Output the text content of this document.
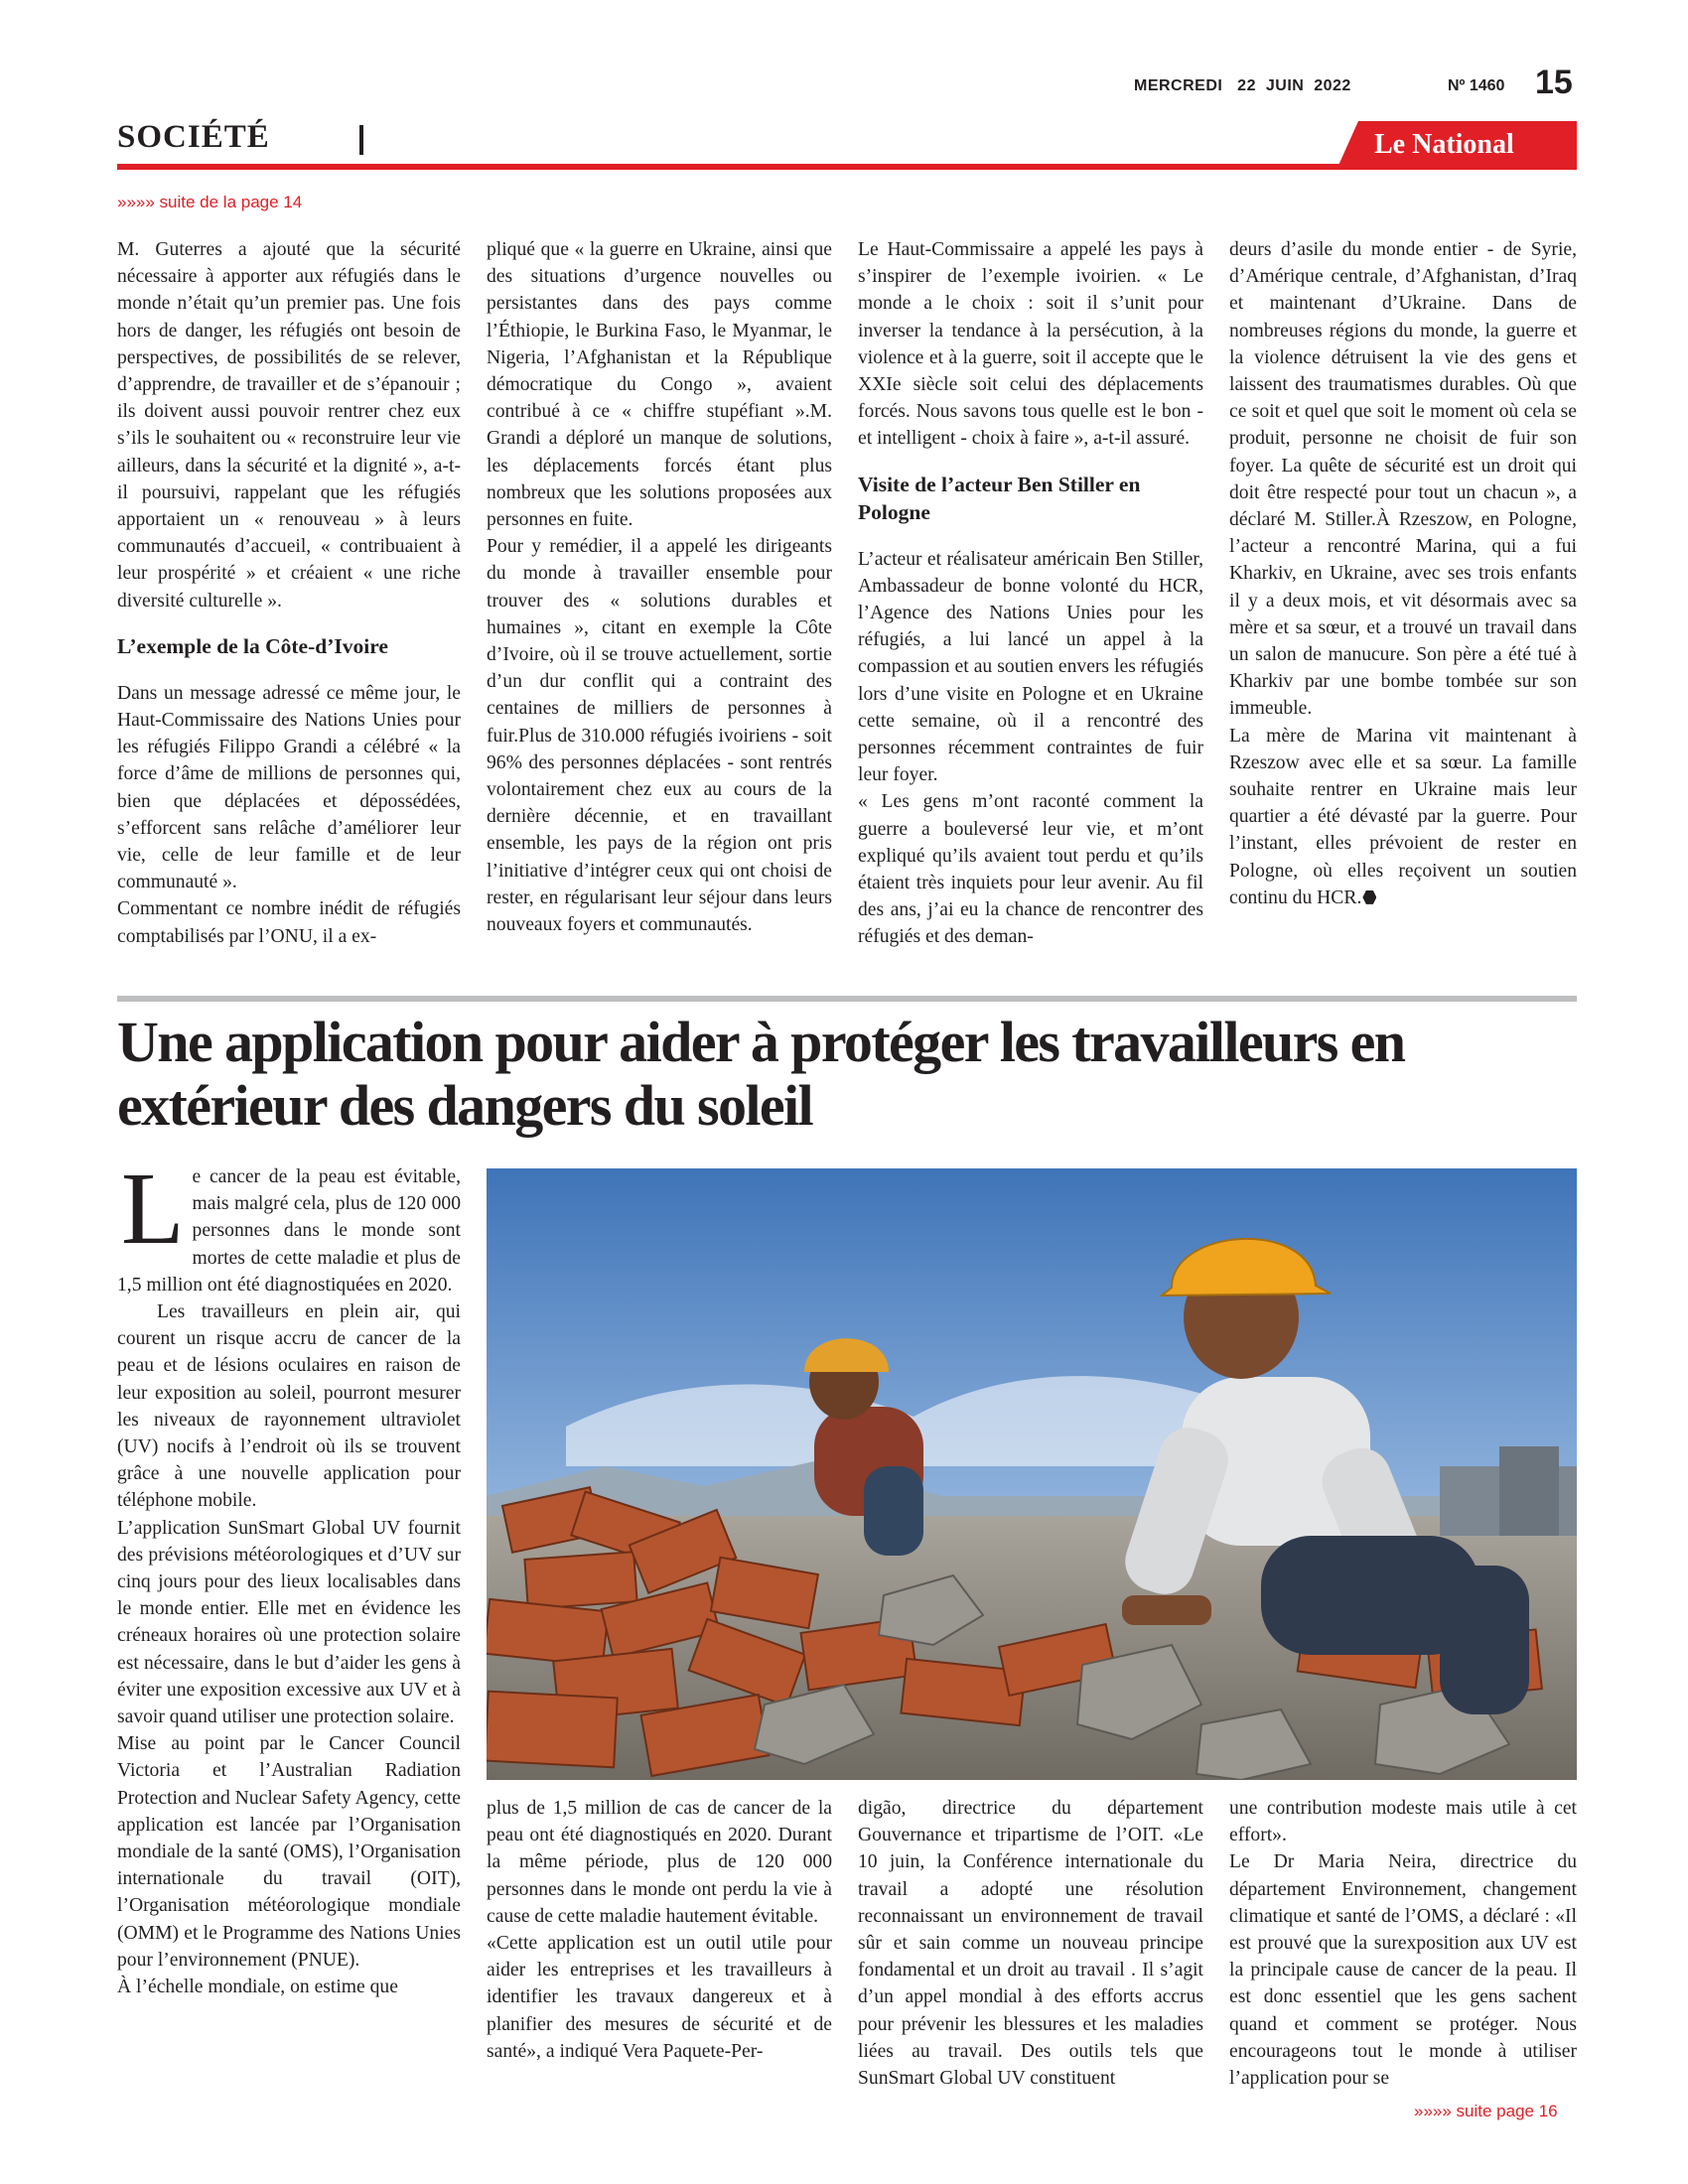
MERCREDI   22  JUIN  2022	Nº 1460 15
SOCIÉTÉ	Le National
»»»» suite de la page 14

M. Guterres a ajouté que la sécurité nécessaire à apporter aux réfugiés dans le monde n’était qu’un premier pas. Une fois hors de danger, les réfugiés ont besoin de perspectives, de possibilités de se relever, d’apprendre, de travailler et de s’épanouir ; ils doivent aussi pouvoir rentrer chez eux s’ils le souhaitent ou « reconstruire leur vie ailleurs, dans la sécurité et la dignité », a-t-il poursuivi, rappelant que les réfugiés apportaient un « renouveau » à leurs communautés d’accueil, « contribuaient à leur prospérité » et créaient « une riche diversité culturelle ».

L’exemple de la Côte-d’Ivoire

Dans un message adressé ce même jour, le Haut-Commissaire des Nations Unies pour les réfugiés Filippo Grandi a célébré « la force d’âme de millions de personnes qui, bien que déplacées et dépossédées, s’efforcent sans relâche d’améliorer leur vie, celle de leur famille et de leur communauté ».

Commentant ce nombre inédit de réfugiés comptabilisés par l’ONU, il a ex-

pliqué que « la guerre en Ukraine, ainsi que des situations d’urgence nouvelles ou persistantes dans des pays comme l’Éthiopie, le Burkina Faso, le Myanmar, le Nigeria, l’Afghanistan et la République démocratique du Congo », avaient contribué à ce « chiffre stupéfiant ».M. Grandi a déploré un manque de solutions, les déplacements forcés étant plus nombreux que les solutions proposées aux personnes en fuite.

Pour y remédier, il a appelé les dirigeants du monde à travailler ensemble pour trouver des « solutions durables et humaines », citant en exemple la Côte d’Ivoire, où il se trouve actuellement, sortie d’un dur conflit qui a contraint des centaines de milliers de personnes à fuir.Plus de 310.000 réfugiés ivoiriens - soit 96% des personnes déplacées - sont rentrés volontairement chez eux au cours de la dernière décennie, et en travaillant ensemble, les pays de la région ont pris l’initiative d’intégrer ceux qui ont choisi de rester, en régularisant leur séjour dans leurs nouveaux foyers et communautés.

Le Haut-Commissaire a appelé les pays à s’inspirer de l’exemple ivoirien. « Le monde a le choix : soit il s’unit pour inverser la tendance à la persécution, à la violence et à la guerre, soit il accepte que le XXIe siècle soit celui des déplacements forcés. Nous savons tous quelle est le bon - et intelligent - choix à faire », a-t-il assuré.

Visite de l’acteur Ben Stiller en Pologne

L’acteur et réalisateur américain Ben Stiller, Ambassadeur de bonne volonté du HCR, l’Agence des Nations Unies pour les réfugiés, a lui lancé un appel à la compassion et au soutien envers les réfugiés lors d’une visite en Pologne et en Ukraine cette semaine, où il a rencontré des personnes récemment contraintes de fuir leur foyer.

« Les gens m’ont raconté comment la guerre a bouleversé leur vie, et m’ont expliqué qu’ils avaient tout perdu et qu’ils étaient très inquiets pour leur avenir. Au fil des ans, j’ai eu la chance de rencontrer des réfugiés et des deman-

deurs d’asile du monde entier - de Syrie, d’Amérique centrale, d’Afghanistan, d’Iraq et maintenant d’Ukraine. Dans de nombreuses régions du monde, la guerre et la violence détruisent la vie des gens et laissent des traumatismes durables. Où que ce soit et quel que soit le moment où cela se produit, personne ne choisit de fuir son foyer. La quête de sécurité est un droit qui doit être respecté pour tout un chacun », a déclaré M. Stiller.À Rzeszow, en Pologne, l’acteur a rencontré Marina, qui a fui Kharkiv, en Ukraine, avec ses trois enfants il y a deux mois, et vit désormais avec sa mère et sa sœur, et a trouvé un travail dans un salon de manucure. Son père a été tué à Kharkiv par une bombe tombée sur son immeuble.

La mère de Marina vit maintenant à Rzeszow avec elle et sa sœur. La famille souhaite rentrer en Ukraine mais leur quartier a été dévasté par la guerre. Pour l’instant, elles prévoient de rester en Pologne, où elles reçoivent un soutien continu du HCR.

Une application pour aider à protéger les travailleurs en extérieur des dangers du soleil

Le cancer de la peau est évitable, mais malgré cela, plus de 120 000 personnes dans le monde sont mortes de cette maladie et plus de 1,5 million ont été diagnostiquées en 2020.

Les travailleurs en plein air, qui courent un risque accru de cancer de la peau et de lésions oculaires en raison de leur exposition au soleil, pourront mesurer les niveaux de rayonnement ultraviolet (UV) nocifs à l’endroit où ils se trouvent grâce à une nouvelle application pour téléphone mobile.

L’application SunSmart Global UV fournit des prévisions météorologiques et d’UV sur cinq jours pour des lieux localisables dans le monde entier. Elle met en évidence les créneaux horaires où une protection solaire est nécessaire, dans le but d’aider les gens à éviter une exposition excessive aux UV et à savoir quand utiliser une protection solaire.

Mise au point par le Cancer Council Victoria et l’Australian Radiation Protection and Nuclear Safety Agency, cette application est lancée par l’Organisation mondiale de la santé (OMS), l’Organisation internationale du travail (OIT), l’Organisation météorologique mondiale (OMM) et le Programme des Nations Unies pour l’environnement (PNUE).

À l’échelle mondiale, on estime que

plus de 1,5 million de cas de cancer de la peau ont été diagnostiqués en 2020. Durant la même période, plus de 120 000 personnes dans le monde ont perdu la vie à cause de cette maladie hautement évitable.

«Cette application est un outil utile pour aider les entreprises et les travailleurs à identifier les travaux dangereux et à planifier des mesures de sécurité et de santé», a indiqué Vera Paquete-Per-

digão, directrice du département Gouvernance et tripartisme de l’OIT. «Le 10 juin, la Conférence internationale du travail a adopté une résolution reconnaissant un environnement de travail sûr et sain comme un nouveau principe fondamental et un droit au travail . Il s’agit d’un appel mondial à des efforts accrus pour prévenir les blessures et les maladies liées au travail. Des outils tels que SunSmart Global UV constituent

une contribution modeste mais utile à cet effort».

Le Dr Maria Neira, directrice du département Environnement, changement climatique et santé de l’OMS, a déclaré : «Il est prouvé que la surexposition aux UV est la principale cause de cancer de la peau. Il est donc essentiel que les gens sachent quand et comment se protéger. Nous encourageons tout le monde à utiliser l’application pour se

»»»» suite page 16
